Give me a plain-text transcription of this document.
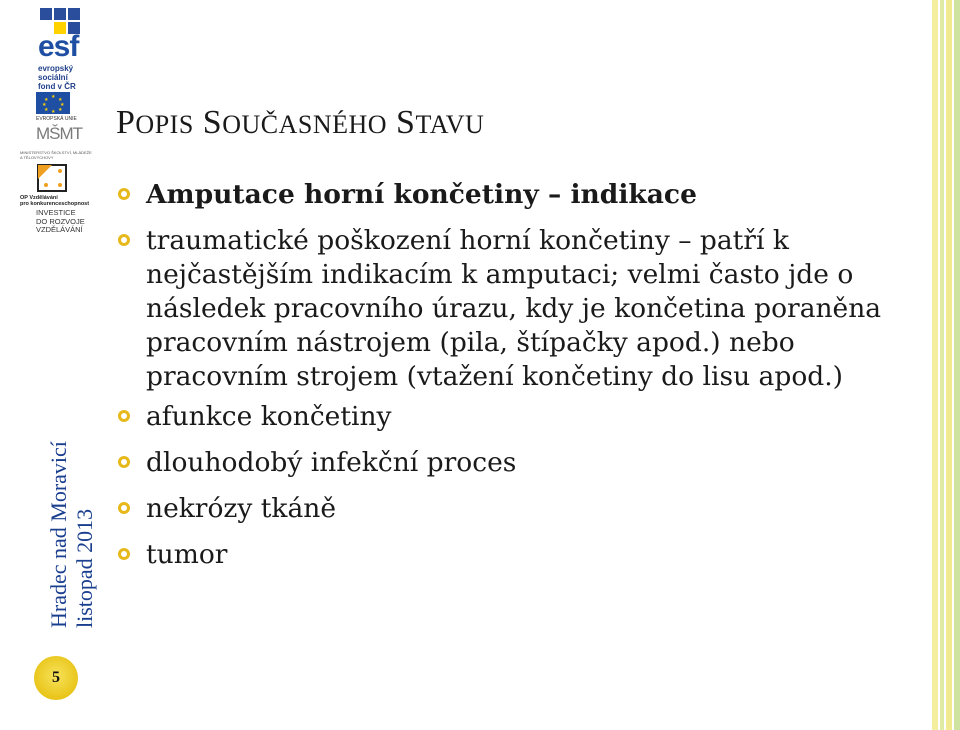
esf
evropský
sociální
fond v ČR
★ ★
★
★
★
★
★
★
EVROPSKÁ UNIE
MŠMT
MINISTERSTVO ŠKOLSTVÍ, MLÁDEŽE A TĚLOVÝCHOVY
OP Vzdělávání
pro konkurenceschopnost
INVESTICE
DO ROZVOJE
VZDĚLÁVÁNÍ
Hradec nad Moravicí listopad 2013
5
POPIS SOUČASNÉHO STAVU
Amputace horní končetiny – indikace
traumatické poškození horní končetiny – patří k nejčastějším indikacím k amputaci; velmi často jde o následek pracovního úrazu, kdy je končetina poraněna pracovním nástrojem (pila, štípačky apod.) nebo pracovním strojem (vtažení končetiny do lisu apod.)
afunkce končetiny
dlouhodobý infekční proces
nekrózy tkáně
tumor
